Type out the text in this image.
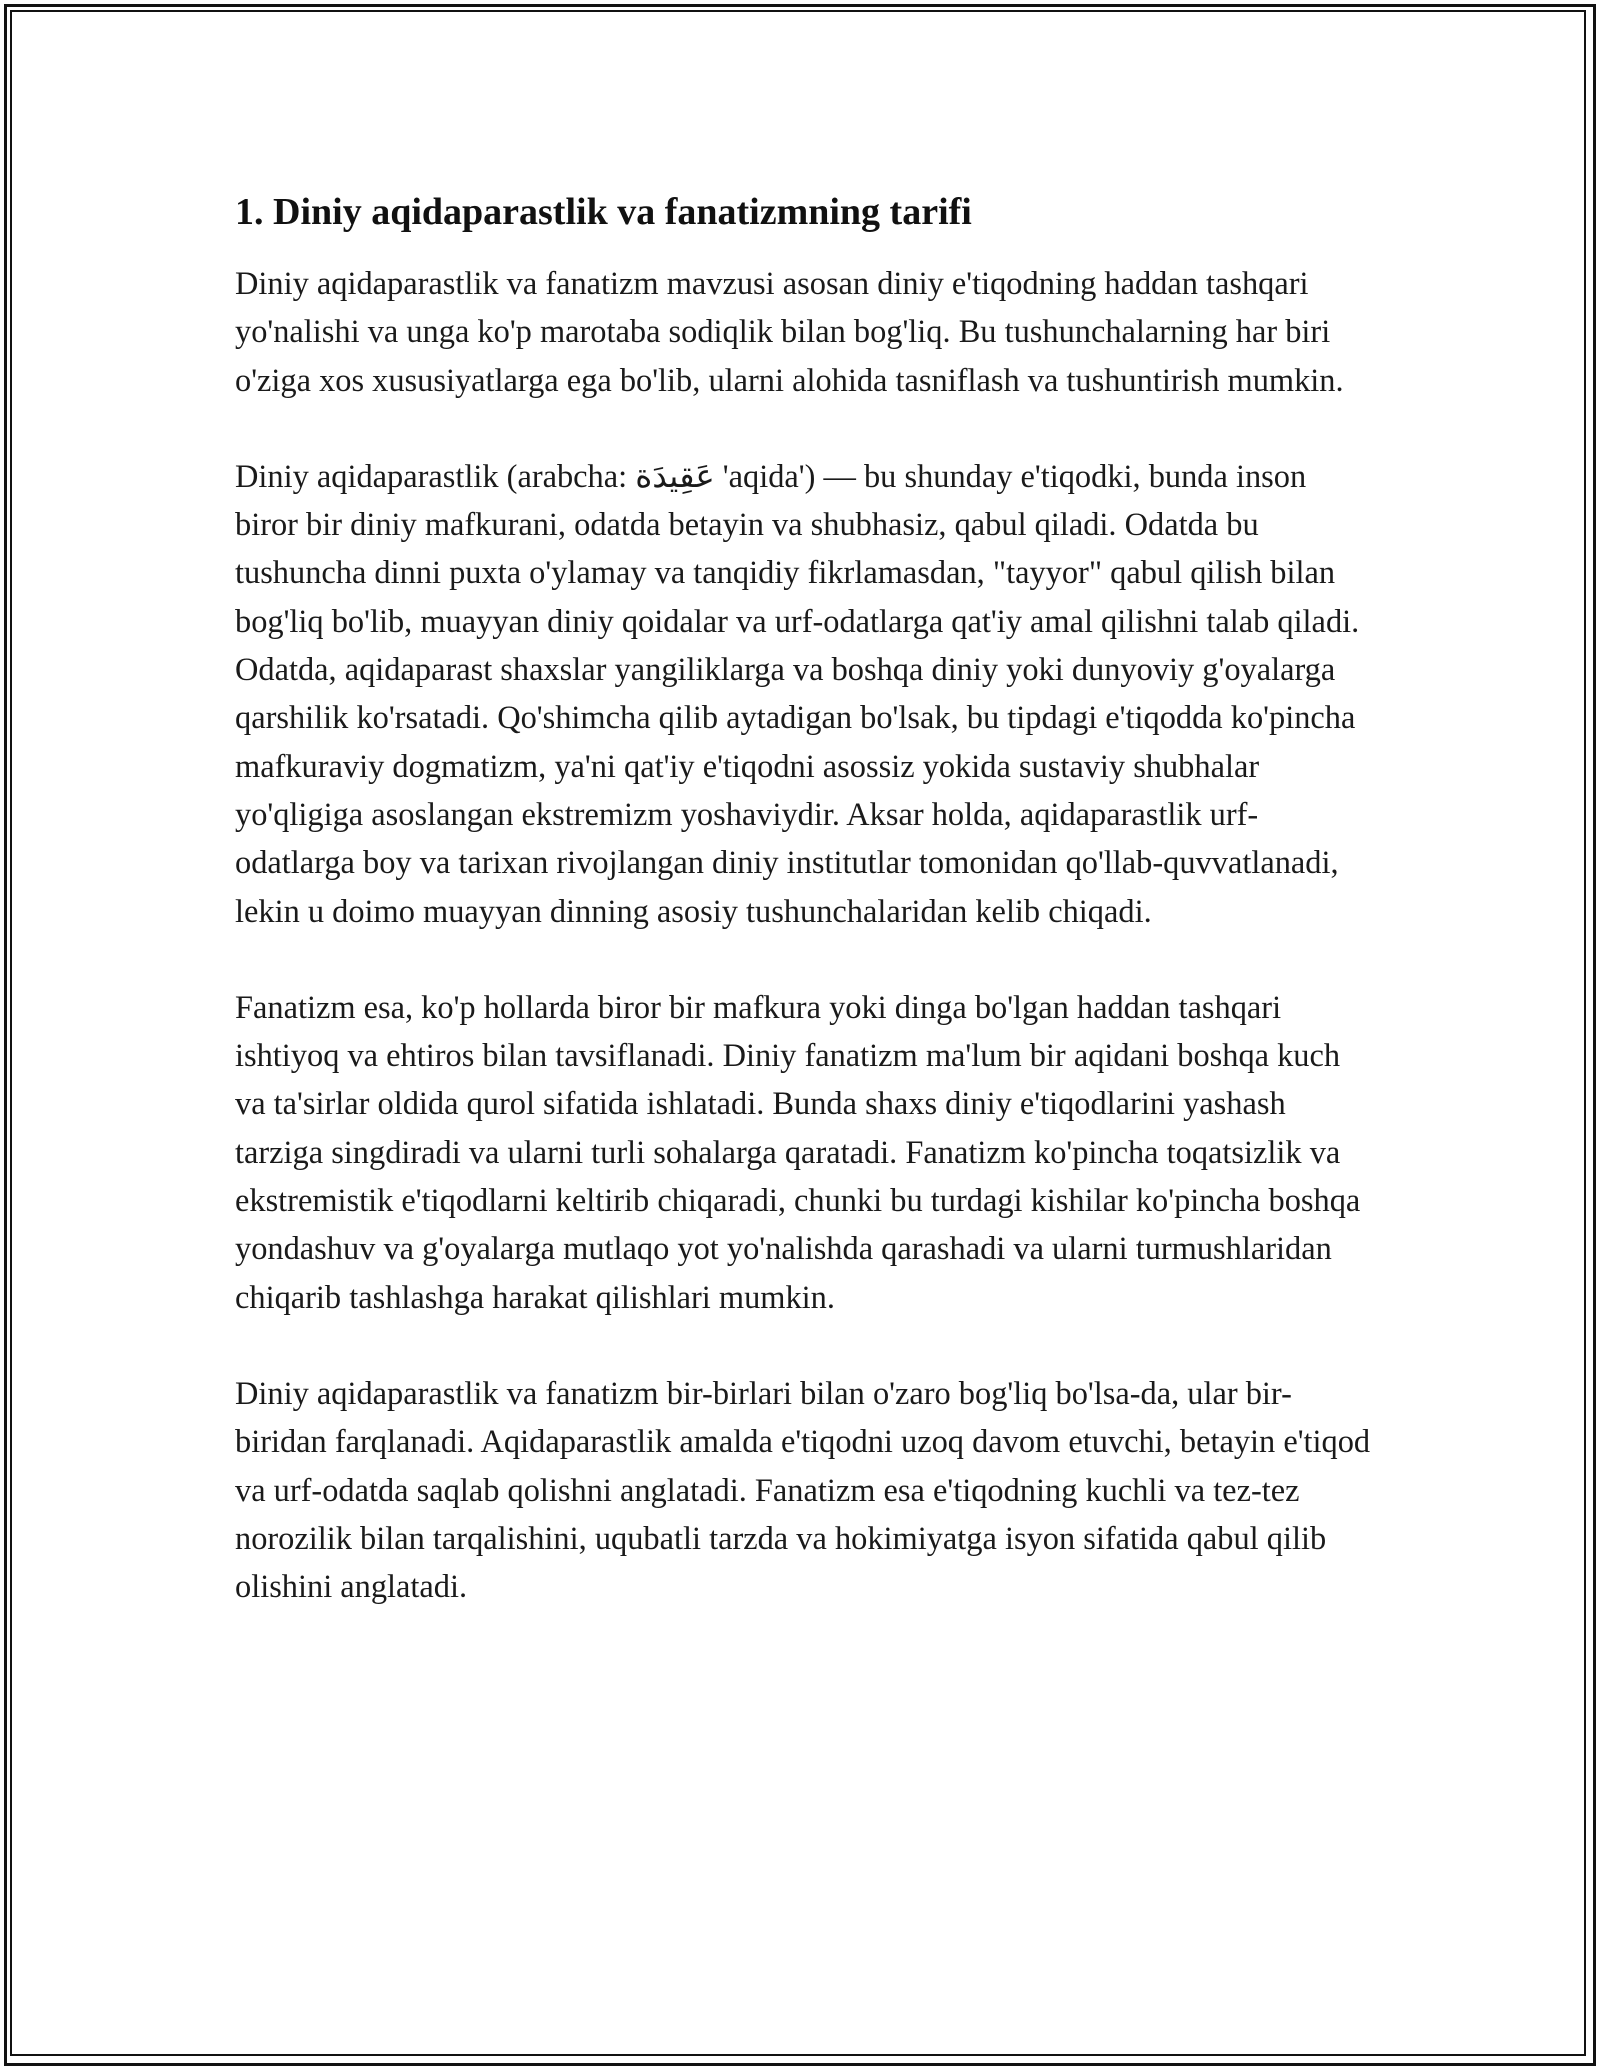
1. Diniy aqidaparastlik va fanatizmning tarifi

Diniy aqidaparastlik va fanatizm mavzusi asosan diniy e'tiqodning haddan tashqari yo'nalishi va unga ko'p marotaba sodiqlik bilan bog'liq. Bu tushunchalarning har biri o'ziga xos xususiyatlarga ega bo'lib, ularni alohida tasniflash va tushuntirish mumkin.

Diniy aqidaparastlik (arabcha: عَقِيدَة 'aqida') — bu shunday e'tiqodki, bunda inson biror bir diniy mafkurani, odatda betayin va shubhasiz, qabul qiladi. Odatda bu tushuncha dinni puxta o'ylamay va tanqidiy fikrlamasdan, "tayyor" qabul qilish bilan bog'liq bo'lib, muayyan diniy qoidalar va urf-odatlarga qat'iy amal qilishni talab qiladi. Odatda, aqidaparast shaxslar yangiliklarga va boshqa diniy yoki dunyoviy g'oyalarga qarshilik ko'rsatadi. Qo'shimcha qilib aytadigan bo'lsak, bu tipdagi e'tiqodda ko'pincha mafkuraviy dogmatizm, ya'ni qat'iy e'tiqodni asossiz yokida sustaviy shubhalar yo'qligiga asoslangan ekstremizm yoshaviydir. Aksar holda, aqidaparastlik urf-odatlarga boy va tarixan rivojlangan diniy institutlar tomonidan qo'llab-quvvatlanadi, lekin u doimo muayyan dinning asosiy tushunchalaridan kelib chiqadi.

Fanatizm esa, ko'p hollarda biror bir mafkura yoki dinga bo'lgan haddan tashqari ishtiyoq va ehtiros bilan tavsiflanadi. Diniy fanatizm ma'lum bir aqidani boshqa kuch va ta'sirlar oldida qurol sifatida ishlatadi. Bunda shaxs diniy e'tiqodlarini yashash tarziga singdiradi va ularni turli sohalarga qaratadi. Fanatizm ko'pincha toqatsizlik va ekstremistik e'tiqodlarni keltirib chiqaradi, chunki bu turdagi kishilar ko'pincha boshqa yondashuv va g'oyalarga mutlaqo yot yo'nalishda qarashadi va ularni turmushlaridan chiqarib tashlashga harakat qilishlari mumkin.

Diniy aqidaparastlik va fanatizm bir-birlari bilan o'zaro bog'liq bo'lsa-da, ular bir-biridan farqlanadi. Aqidaparastlik amalda e'tiqodni uzoq davom etuvchi, betayin e'tiqod va urf-odatda saqlab qolishni anglatadi. Fanatizm esa e'tiqodning kuchli va tez-tez norozilik bilan tarqalishini, uqubatli tarzda va hokimiyatga isyon sifatida qabul qilib olishini anglatadi.
